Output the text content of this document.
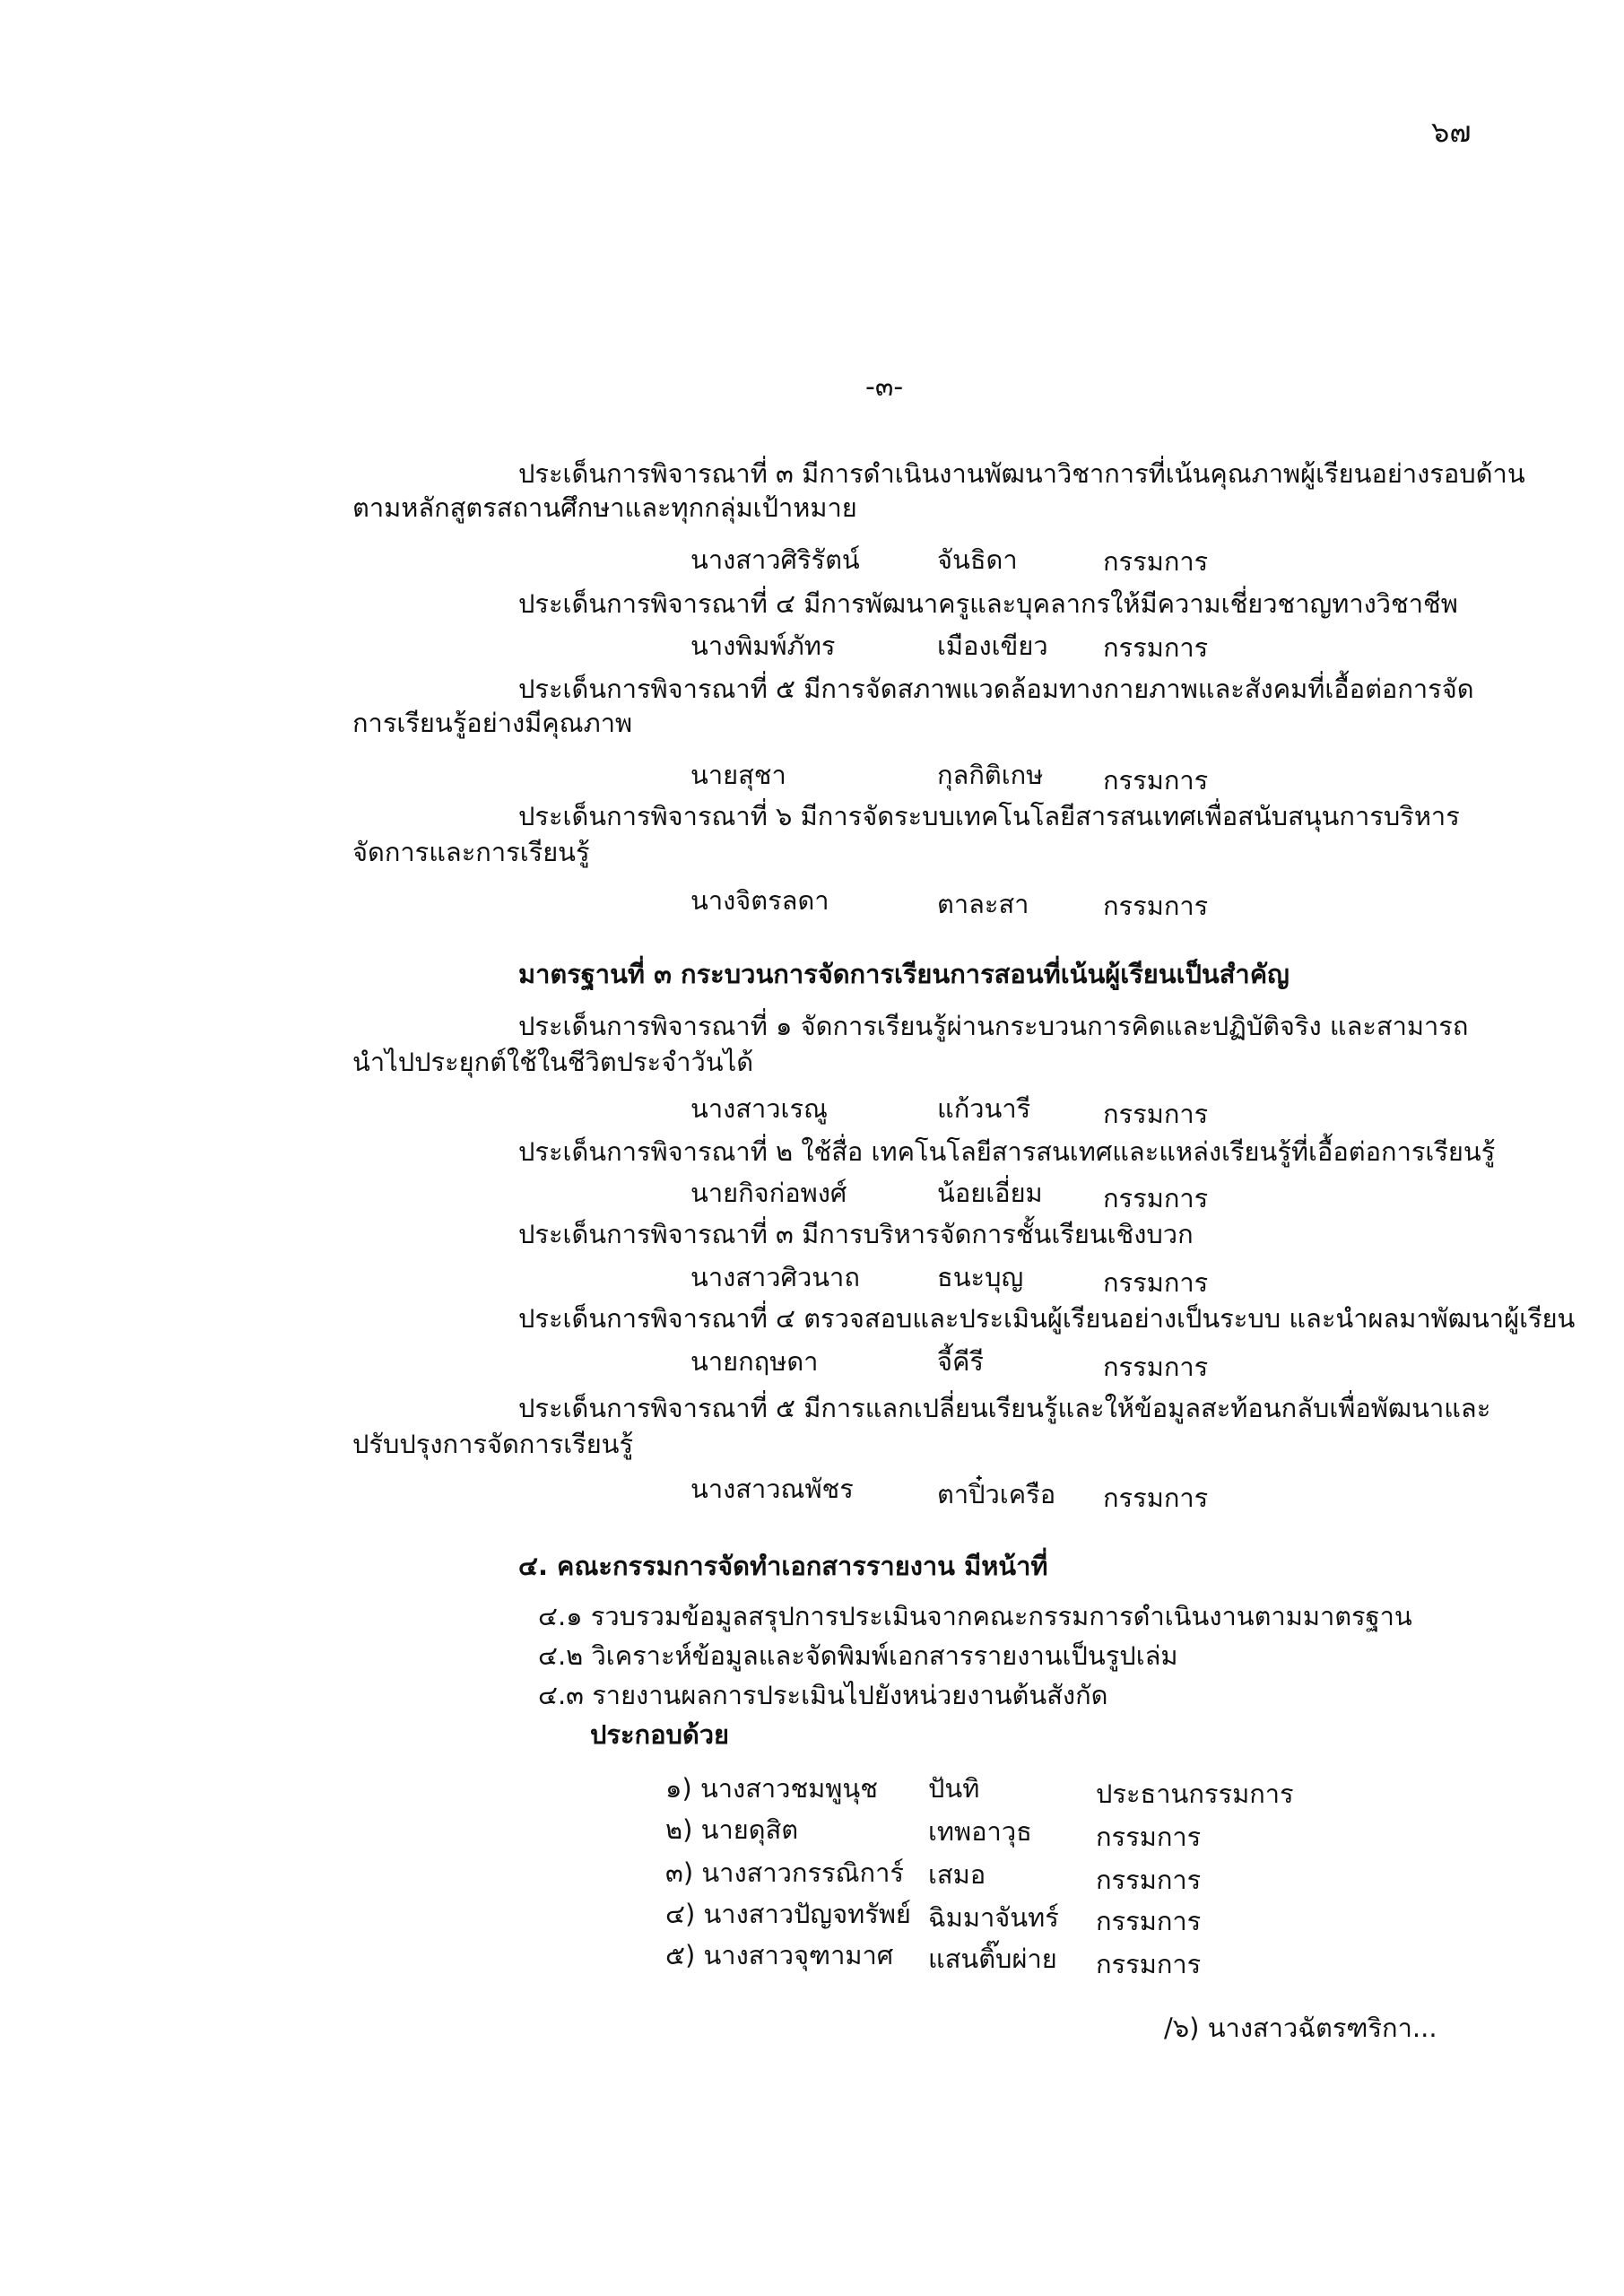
๖๗
-๓-
ประเด็นการพิจารณาที่ ๓ มีการดำเนินงานพัฒนาวิชาการที่เน้นคุณภาพผู้เรียนอย่างรอบด้าน
ตามหลักสูตรสถานศึกษาและทุกกลุ่มเป้าหมาย
นางสาวศิริรัตน์	จันธิดา	กรรมการ
ประเด็นการพิจารณาที่ ๔ มีการพัฒนาครูและบุคลากรให้มีความเชี่ยวชาญทางวิชาชีพ
นางพิมพ์ภัทร	เมืองเขียว กรรมการ
ประเด็นการพิจารณาที่ ๕ มีการจัดสภาพแวดล้อมทางกายภาพและสังคมที่เอื้อต่อการจัด
การเรียนรู้อย่างมีคุณภาพ
นายสุชา	กุลกิติเกษ กรรมการ
ประเด็นการพิจารณาที่ ๖ มีการจัดระบบเทคโนโลยีสารสนเทศเพื่อสนับสนุนการบริหาร
จัดการและการเรียนรู้
นางจิตรลดา	ตาละสา	กรรมการ
มาตรฐานที่ ๓ กระบวนการจัดการเรียนการสอนที่เน้นผู้เรียนเป็นสำคัญ
ประเด็นการพิจารณาที่ ๑ จัดการเรียนรู้ผ่านกระบวนการคิดและปฏิบัติจริง และสามารถ
นำไปประยุกต์ใช้ในชีวิตประจำวันได้
นางสาวเรณู	แก้วนารี	กรรมการ
ประเด็นการพิจารณาที่ ๒ ใช้สื่อ เทคโนโลยีสารสนเทศและแหล่งเรียนรู้ที่เอื้อต่อการเรียนรู้
นายกิจก่อพงศ์	น้อยเอี่ยม กรรมการ
ประเด็นการพิจารณาที่ ๓ มีการบริหารจัดการชั้นเรียนเชิงบวก
นางสาวศิวนาถ	ธนะบุญ	กรรมการ
ประเด็นการพิจารณาที่ ๔ ตรวจสอบและประเมินผู้เรียนอย่างเป็นระบบ และนำผลมาพัฒนาผู้เรียน
นายกฤษดา	จี้คีรี	กรรมการ
ประเด็นการพิจารณาที่ ๕ มีการแลกเปลี่ยนเรียนรู้และให้ข้อมูลสะท้อนกลับเพื่อพัฒนาและ
ปรับปรุงการจัดการเรียนรู้
นางสาวณพัชร	ตาปิ๋วเครือ กรรมการ
๔. คณะกรรมการจัดทำเอกสารรายงาน มีหน้าที่
๔.๑ รวบรวมข้อมูลสรุปการประเมินจากคณะกรรมการดำเนินงานตามมาตรฐาน
๔.๒ วิเคราะห์ข้อมูลและจัดพิมพ์เอกสารรายงานเป็นรูปเล่ม
๔.๓ รายงานผลการประเมินไปยังหน่วยงานต้นสังกัด
ประกอบด้วย
๑) นางสาวชมพูนุช ปันทิ	ประธานกรรมการ
๒) นายดุสิต	เทพอาวุธ กรรมการ
๓) นางสาวกรรณิการ์ เสมอ	กรรมการ
๔) นางสาวปัญจทรัพย์ ฉิมมาจันทร์ กรรมการ
๕) นางสาวจุฑามาศ แสนติ๊บผ่าย กรรมการ
/๖) นางสาวฉัตรฑริกา...
